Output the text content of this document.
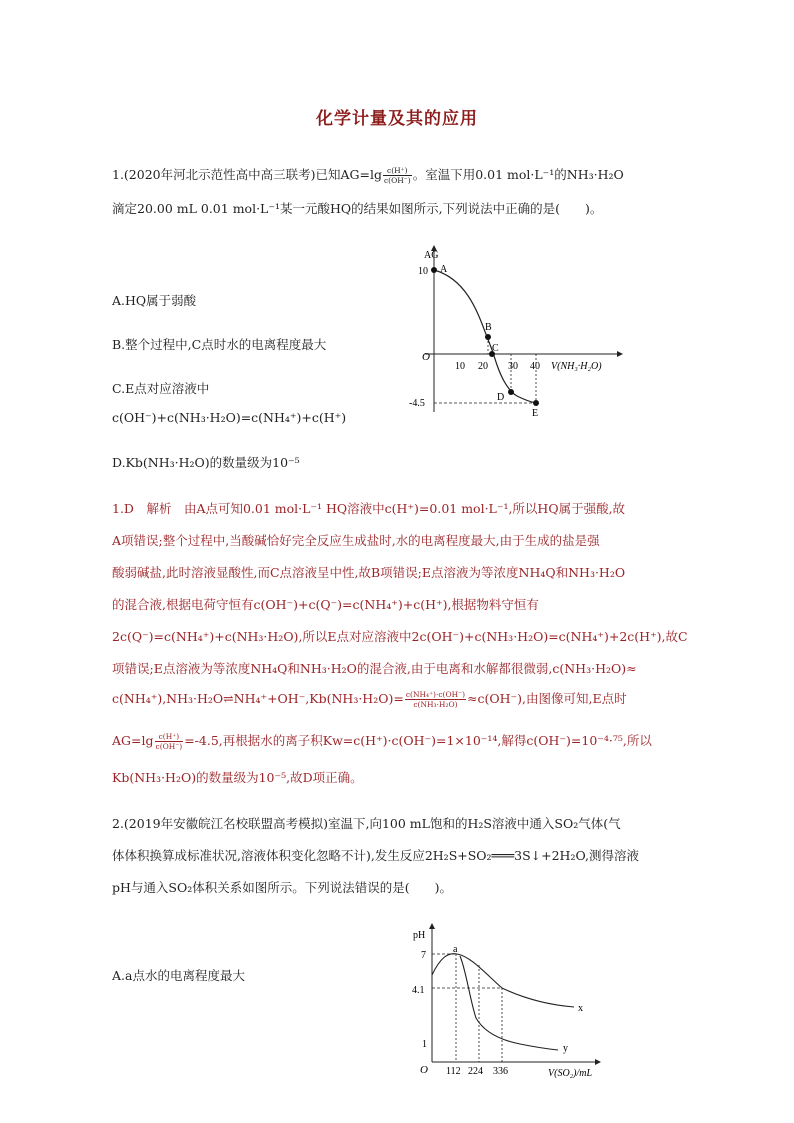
化学计量及其的应用
1.(2020年河北示范性高中高三联考)已知$AG=\lg \frac{c(H^+)}{c(OH^-)}$ 。室温下用0.01 mol·L⁻¹的NH₃·H₂O
滴定20.00 mL 0.01 mol·L⁻¹某一元酸HQ的结果如图所示,下列说法中正确的是(　　)。
A.HQ属于弱酸
B.整个过程中,C点时水的电离程度最大
C.E点对应溶液中
c(OH⁻)+c(NH₃·H₂O)=c(NH₄⁺)+c(H⁺)
D.Kb(NH₃·H₂O)的数量级为10⁻⁵
AG
O
10
-4.5
10 20 30 40 V(NH₃·H₂O)
A
B
C
D
E
1.D　解析　由A点可知0.01 mol·L⁻¹ HQ溶液中c(H⁺)=0.01 mol·L⁻¹,所以HQ属于强酸,故
A项错误;整个过程中,当酸碱恰好完全反应生成盐时,水的电离程度最大,由于生成的盐是强
酸弱碱盐,此时溶液显酸性,而C点溶液呈中性,故B项错误;E点溶液为等浓度NH₄Q和NH₃·H₂O
的混合液,根据电荷守恒有c(OH⁻)+c(Q⁻)=c(NH₄⁺)+c(H⁺),根据物料守恒有
2c(Q⁻)=c(NH₄⁺)+c(NH₃·H₂O),所以E点对应溶液中2c(OH⁻)+c(NH₃·H₂O)=c(NH₄⁺)+2c(H⁺),故C
项错误;E点溶液为等浓度NH₄Q和NH₃·H₂O的混合液,由于电离和水解都很微弱,c(NH₃·H₂O)≈
c(NH₄⁺),NH₃·H₂O⇌NH₄⁺+OH⁻,Kb(NH₃·H₂O)= $\frac{\text{c(NH₄⁺)·c(OH⁻)}}{\text{c(NH₃·H₂O)}} \approx c(OH^-)$,由图像可知,E点时
$AG=\lg \frac{c(H^+)}{c(OH^-)} =-4.5$,再根据水的离子积Kw=c(H⁺)·c(OH⁻)=1×10⁻¹⁴,解得c(OH⁻)=10⁻⁴·⁷⁵,所以
Kb(NH₃·H₂O)的数量级为10⁻⁵,故D项正确。
2.(2019年安徽皖江名校联盟高考模拟)室温下,向100 mL饱和的H₂S溶液中通入SO₂气体(气
体体积换算成标准状况,溶液体积变化忽略不计),发生反应2H₂S+SO₂═══3S↓+2H₂O,测得溶液
pH与通入SO₂体积关系如图所示。下列说法错误的是(　　)。
A.a点水的电离程度最大
pH
O
7
4.1
1
112 224 336	V(SO₂)/mL
a
x
y
